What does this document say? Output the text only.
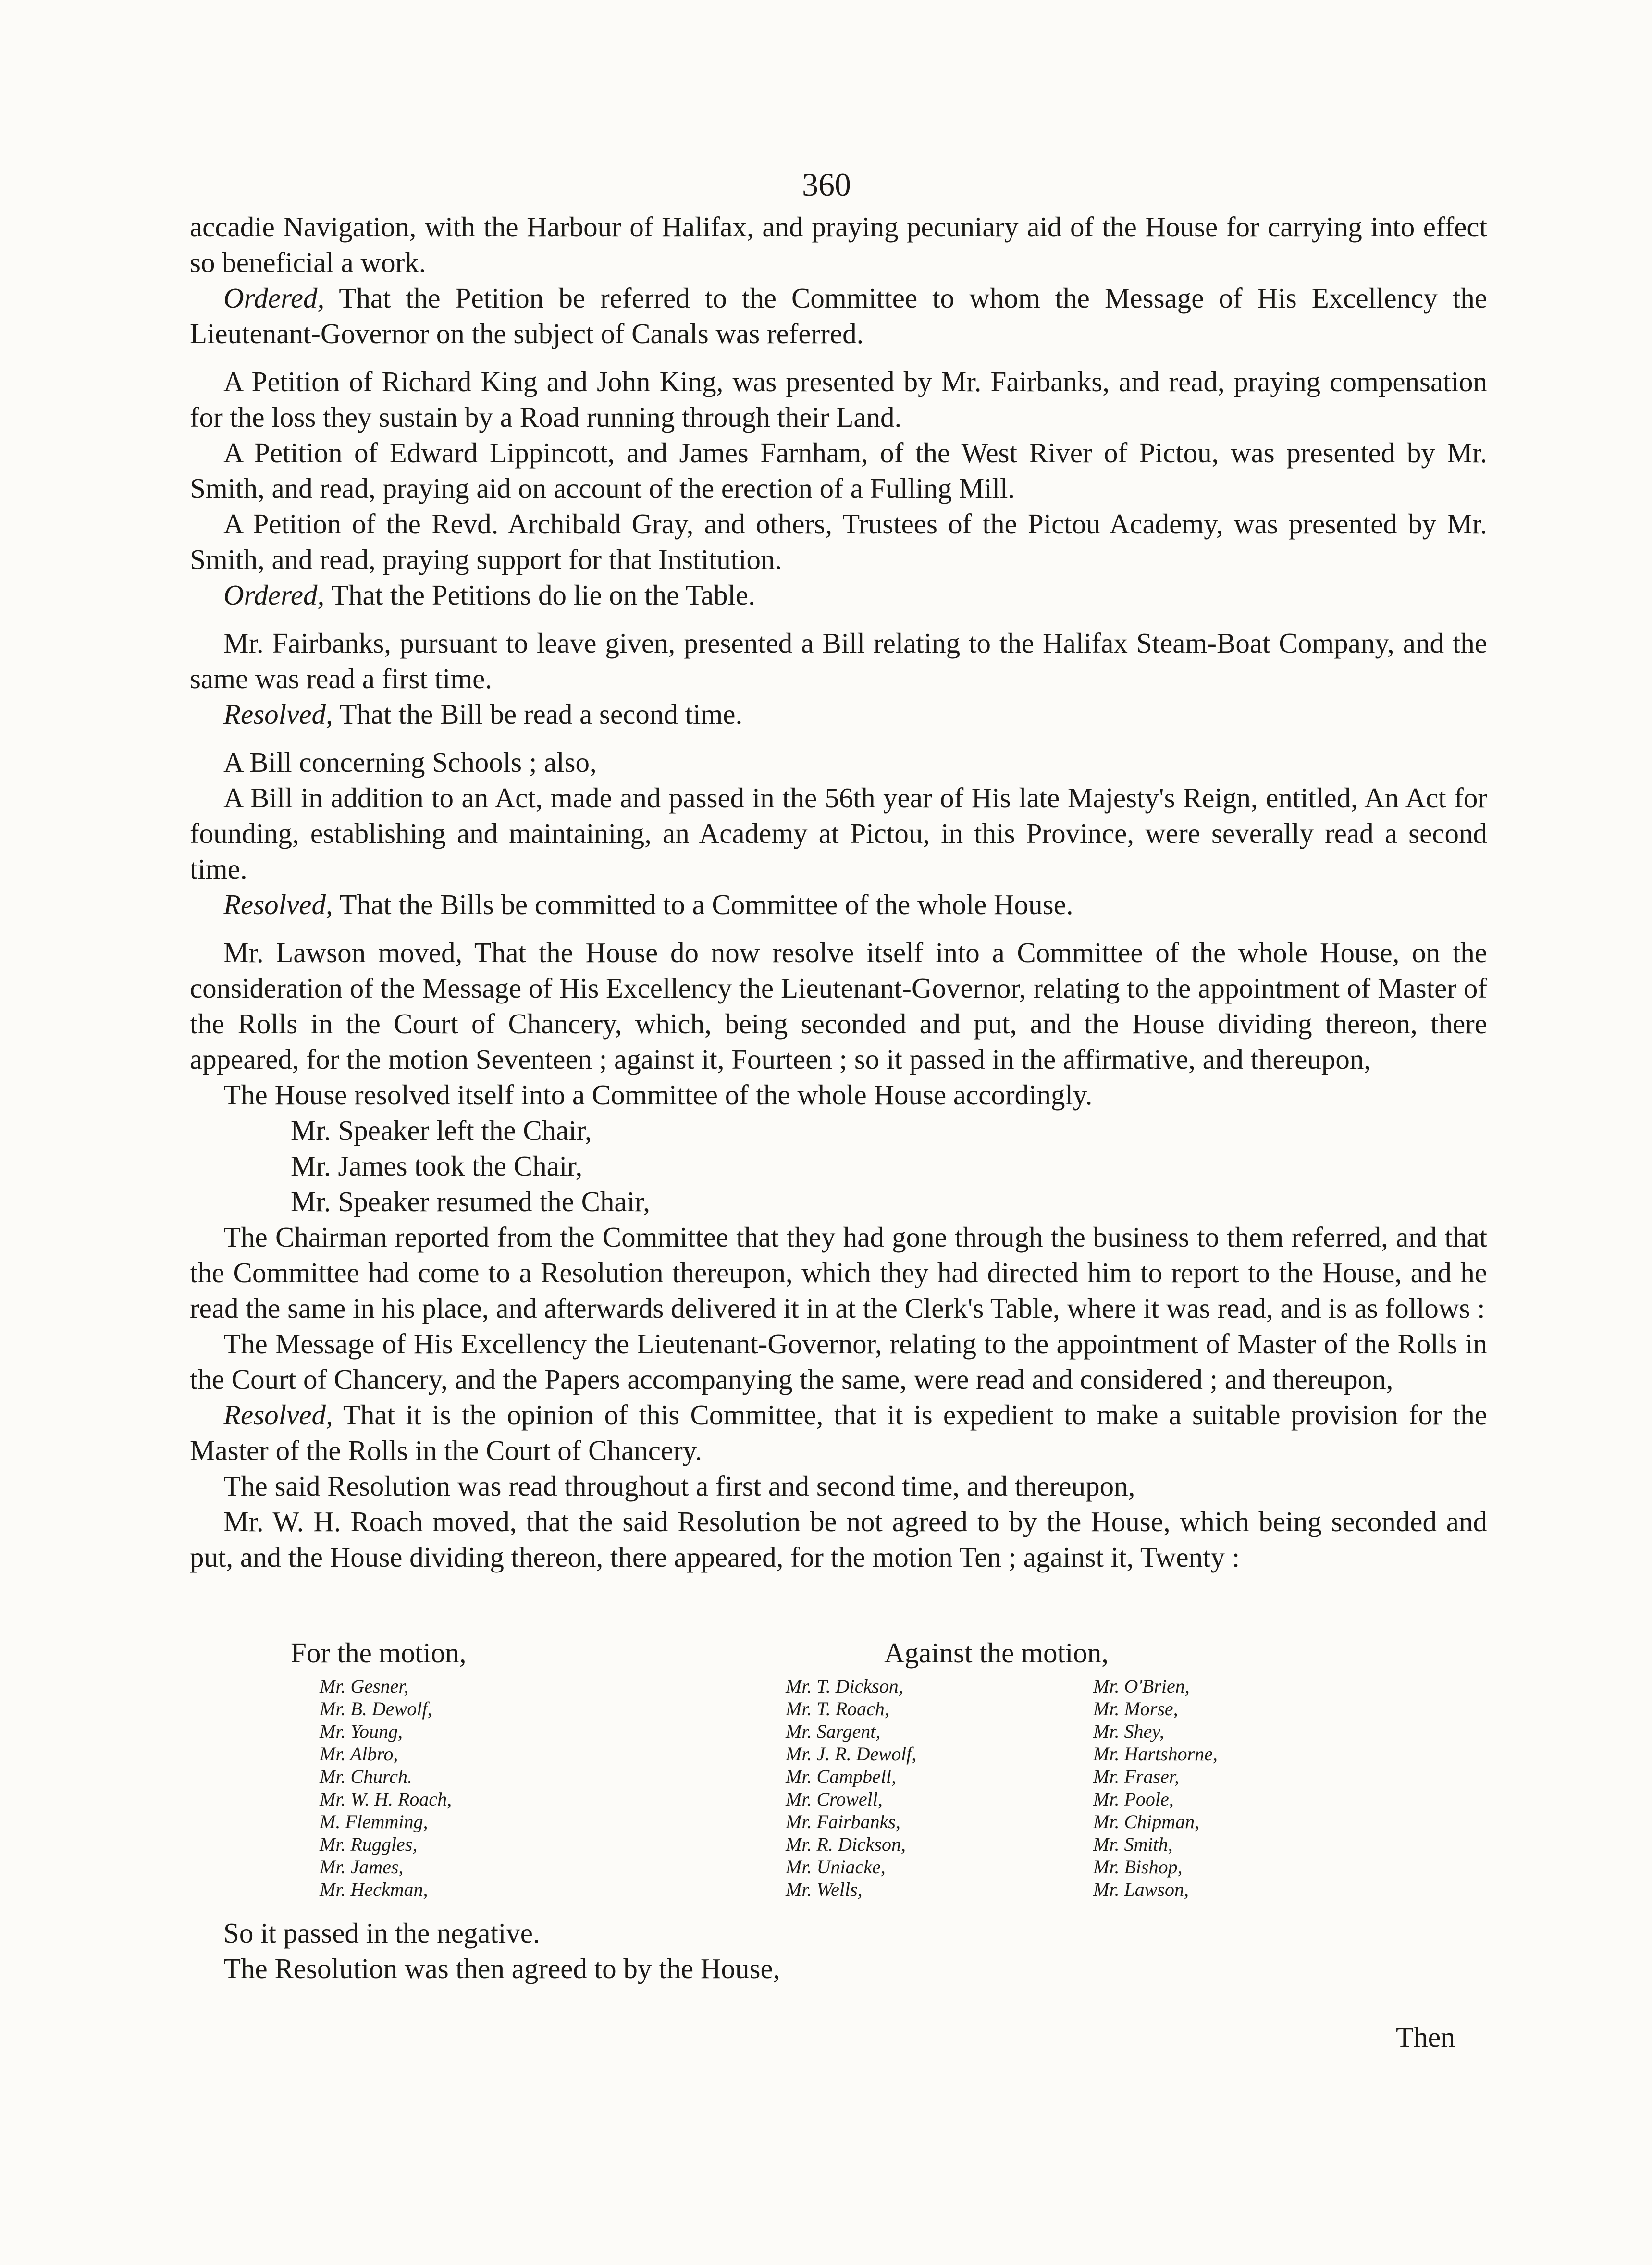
360

accadie Navigation, with the Harbour of Halifax, and praying pecuniary aid of the House for carrying into effect so beneficial a work.

Ordered, That the Petition be referred to the Committee to whom the Message of His Excellency the Lieutenant-Governor on the subject of Canals was referred.

A Petition of Richard King and John King, was presented by Mr. Fairbanks, and read, praying compensation for the loss they sustain by a Road running through their Land.

A Petition of Edward Lippincott, and James Farnham, of the West River of Pictou, was presented by Mr. Smith, and read, praying aid on account of the erection of a Fulling Mill.

A Petition of the Revd. Archibald Gray, and others, Trustees of the Pictou Academy, was presented by Mr. Smith, and read, praying support for that Institution.

Ordered, That the Petitions do lie on the Table.

Mr. Fairbanks, pursuant to leave given, presented a Bill relating to the Halifax Steam-Boat Company, and the same was read a first time.

Resolved, That the Bill be read a second time.

A Bill concerning Schools ; also,

A Bill in addition to an Act, made and passed in the 56th year of His late Majesty's Reign, entitled, An Act for founding, establishing and maintaining, an Academy at Pictou, in this Province, were severally read a second time.

Resolved, That the Bills be committed to a Committee of the whole House.

Mr. Lawson moved, That the House do now resolve itself into a Committee of the whole House, on the consideration of the Message of His Excellency the Lieutenant-Governor, relating to the appointment of Master of the Rolls in the Court of Chancery, which, being seconded and put, and the House dividing thereon, there appeared, for the motion Seventeen ; against it, Fourteen ; so it passed in the affirmative, and thereupon,

The House resolved itself into a Committee of the whole House accordingly.

Mr. Speaker left the Chair,

Mr. James took the Chair,

Mr. Speaker resumed the Chair,

The Chairman reported from the Committee that they had gone through the business to them referred, and that the Committee had come to a Resolution thereupon, which they had directed him to report to the House, and he read the same in his place, and afterwards delivered it in at the Clerk's Table, where it was read, and is as follows :

The Message of His Excellency the Lieutenant-Governor, relating to the appointment of Master of the Rolls in the Court of Chancery, and the Papers accompanying the same, were read and considered ; and thereupon,

Resolved, That it is the opinion of this Committee, that it is expedient to make a suitable provision for the Master of the Rolls in the Court of Chancery.

The said Resolution was read throughout a first and second time, and thereupon,

Mr. W. H. Roach moved, that the said Resolution be not agreed to by the House, which being seconded and put, and the House dividing thereon, there appeared, for the motion Ten ; against it, Twenty :

For the motion,	Against the motion,
Mr. Gesner,
Mr. B. Dewolf,
Mr. Young,
Mr. Albro,
Mr. Church.
Mr. W. H. Roach,
M. Flemming,
Mr. Ruggles,
Mr. James,
Mr. Heckman,
Mr. T. Dickson,
Mr. T. Roach,
Mr. Sargent,
Mr. J. R. Dewolf,
Mr. Campbell,
Mr. Crowell,
Mr. Fairbanks,
Mr. R. Dickson,
Mr. Uniacke,
Mr. Wells,
Mr. O'Brien,
Mr. Morse,
Mr. Shey,
Mr. Hartshorne,
Mr. Fraser,
Mr. Poole,
Mr. Chipman,
Mr. Smith,
Mr. Bishop,
Mr. Lawson,

So it passed in the negative.

The Resolution was then agreed to by the House,

Then
